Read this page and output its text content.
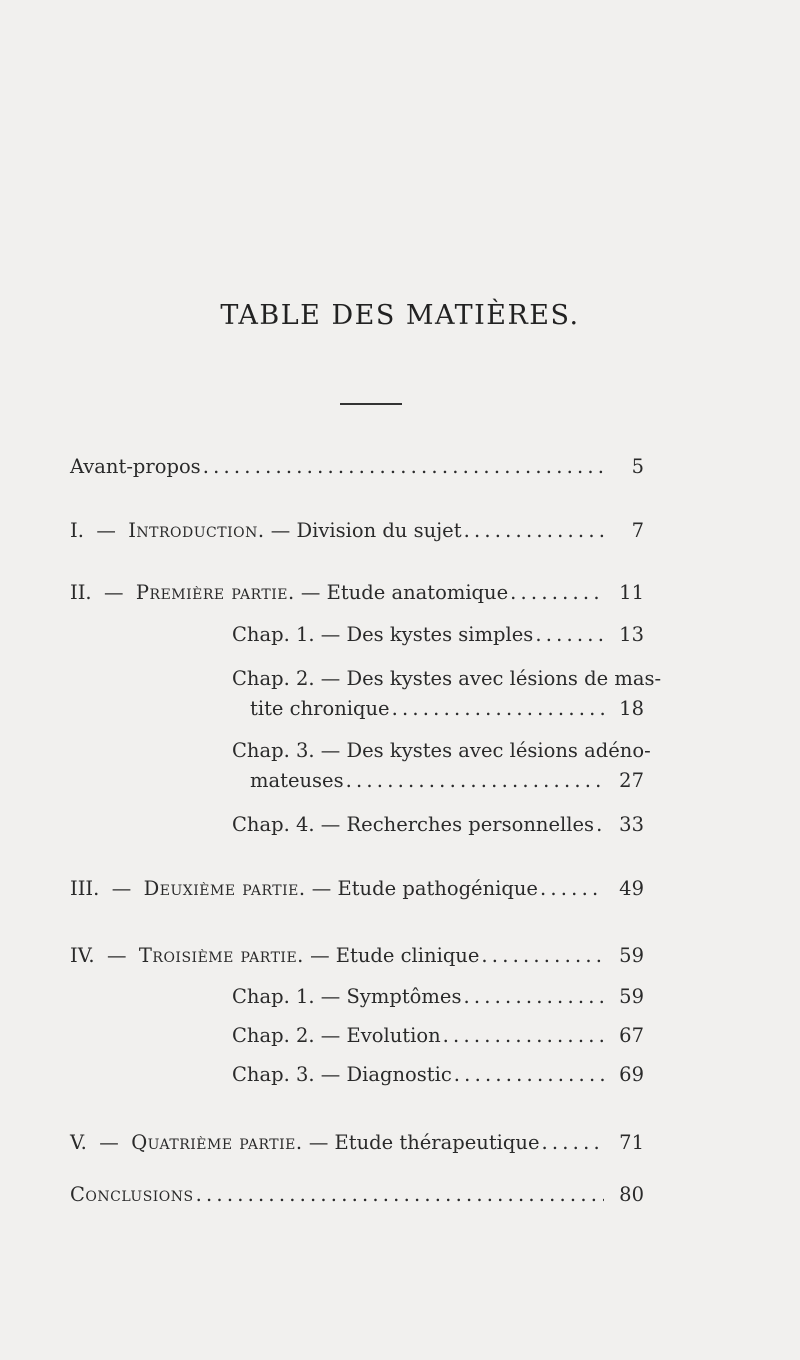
TABLE DES MATIÈRES.
Avant-propos . . .	5
I.
—
Introduction.
— Division du sujet . . .	7
II.
—
Première partie.
— Etude anatomique . . .	11
Chap. 1.
— Des kystes simples . . .	13
Chap. 2.
— Des kystes avec lésions de mas-
tite chronique . . .	18
Chap. 3.
— Des kystes avec lésions adéno-
mateuses . . .	27
Chap. 4.
— Recherches personnelles . . .	33
III.
—
Deuxième partie.
— Etude pathogénique . . .	49
IV.
—
Troisième partie.
— Etude clinique . . .	59
Chap. 1.
— Symptômes . . .	59
Chap. 2.
— Evolution . . .	67
Chap. 3.
— Diagnostic . . .	69
V.
—
Quatrième partie.
— Etude thérapeutique . . .	71
Conclusions . . .	80
